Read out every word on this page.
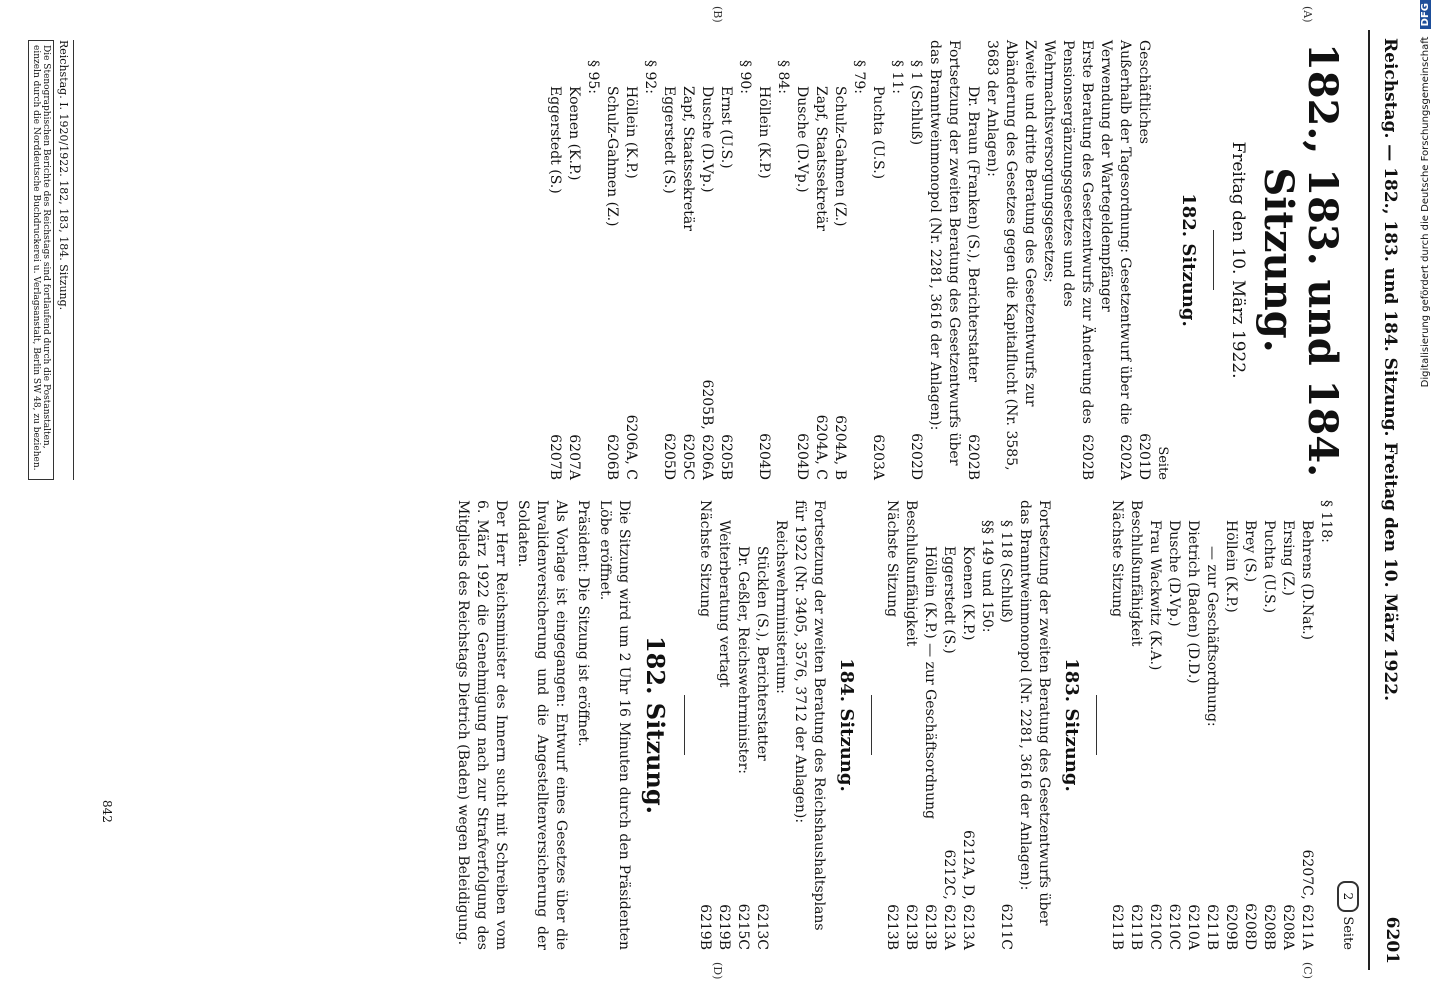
Reichstag. — 182., 183. und 184. Sitzung. Freitag den 10. März 1922.
6201
(A)
(B)
(C)
(D)
182., 183. und 184. Sitzung.
Freitag den 10. März 1922.
182. Sitzung.
Seite
Geschäftliches
6201D
Außerhalb der Tagesordnung: Gesetzentwurf über die Verwendung der Wartegeldempfänger
6202A
Erste Beratung des Gesetzentwurfs zur Änderung des Pensionsergänzungsgesetzes und des Wehrmachtsversorgungsgesetzes;
6202B
Zweite und dritte Beratung des Gesetzentwurfs zur Abänderung des Gesetzes gegen die Kapitalflucht (Nr. 3585, 3683 der Anlagen):
Dr. Braun (Franken) (S.), Berichterstatter
6202B
Fortsetzung der zweiten Beratung des Gesetzentwurfs über das Branntweinmonopol (Nr. 2281, 3616 der Anlagen):
§ 1 (Schluß)
6202D
§ 11:
Puchta (U.S.)
6203A
§ 79:
Schulz-Gahmen (Z.)
6204A, B
Zapf, Staatssekretär
6204A, C
Dusche (D.Vp.)
6204D
§ 84:
Höllein (K.P.)
6204D
§ 90:
Ernst (U.S.)
6205B
Dusche (D.Vp.)
6205B, 6206A
Zapf, Staatssekretär
6205C
Eggerstedt (S.)
6205D
§ 92:
Höllein (K.P.)
6206A, C
Schulz-Gahmen (Z.)
6206B
§ 95:
Koenen (K.P.)
6207A
Eggerstedt (S.)
6207B
2 Seite
§ 118:
Behrens (D.Nat.)
6207C, 6211A
Ersing (Z.)
6208A
Puchta (U.S.)
6208B
Brey (S.)
6208D
Höllein (K.P.)
6209B
— zur Geschäftsordnung:
6211B
Dietrich (Baden) (D.D.)
6210A
Dusche (D.Vp.)
6210C
Frau Wackwitz (K.A.)
6210C
Beschlußunfähigkeit
6211B
Nächste Sitzung
6211B
183. Sitzung.
Fortsetzung der zweiten Beratung des Gesetzentwurfs über das Branntweinmonopol (Nr. 2281, 3616 der Anlagen):
§ 118 (Schluß)
6211C
§§ 149 und 150:
Koenen (K.P.)
6212A, D, 6213A
Eggerstedt (S.)
6212C, 6213A
Höllein (K.P.) — zur Geschäftsordnung
6213B
Beschlußunfähigkeit
6213B
Nächste Sitzung
6213B
184. Sitzung.
Fortsetzung der zweiten Beratung des Reichshaushaltsplans für 1922 (Nr. 3405, 3576, 3712 der Anlagen):
Reichswehrministerium:
Stücklen (S.), Berichterstatter
6213C
Dr. Geßler, Reichswehrminister:
6215C
Weiterberatung vertagt
6219B
Nächste Sitzung
6219B
182. Sitzung.
Die Sitzung wird um 2 Uhr 16 Minuten durch den Präsidenten Löbe eröffnet.
Präsident: Die Sitzung ist eröffnet.
Als Vorlage ist eingegangen: Entwurf eines Gesetzes über die Invalidenversicherung und die Angestelltenversicherung der Soldaten.
Der Herr Reichsminister des Innern sucht mit Schreiben vom 6. März 1922 die Genehmigung nach zur Strafverfolgung des Mitglieds des Reichstags Dietrich (Baden) wegen Beleidigung.
842
Reichstag. I. 1920/1922. 182, 183, 184. Sitzung.
Die Stenographischen Berichte des Reichstags sind fortlaufend durch die Postanstalten, einzeln durch die Norddeutsche Buchdruckerei u. Verlagsanstalt, Berlin SW 48, zu beziehen.	Digitalisierung gefördert durch die Deutsche Forschungsgemeinschaft DFG
